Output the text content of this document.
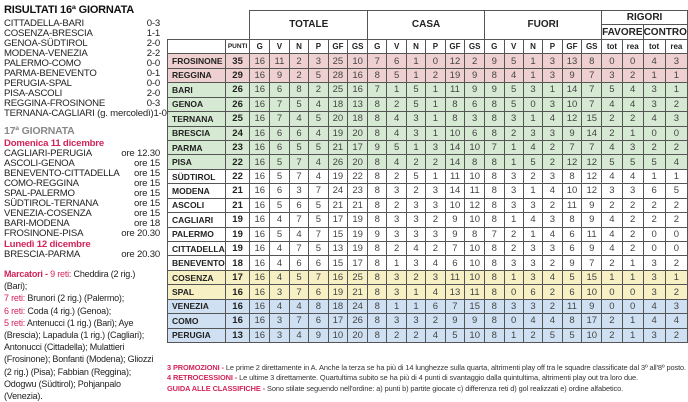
RISULTATI 16ª GIORNATA
CITTADELLA-BARI	0-3
COSENZA-BRESCIA	1-1
GENOA-SÜDTIROL	2-0
MODENA-VENEZIA	2-2
PALERMO-COMO	0-0
PARMA-BENEVENTO	0-1
PERUGIA-SPAL	0-0
PISA-ASCOLI	2-0
REGGINA-FROSINONE	0-3
TERNANA-CAGLIARI (g. mercoledì) 1-0
17ª GIORNATA
Domenica 11 dicembre
CAGLIARI-PERUGIA	ore 12.30
ASCOLI-GENOA	ore 15
BENEVENTO-CITTADELLA ore 15
COMO-REGGINA	ore 15
SPAL-PALERMO	ore 15
SÜDTIROL-TERNANA	ore 15
VENEZIA-COSENZA	ore 15
BARI-MODENA	ore 18
FROSINONE-PISA	ore 20.30
Lunedì 12 dicembre
BRESCIA-PARMA	ore 20.30
Marcatori - 9 reti: Cheddira (2 rig.) (Bari);
7 reti: Brunori (2 rig.) (Palermo);
6 reti: Coda (4 rig.) (Genoa);
5 reti: Antenucci (1 rig.) (Bari); Aye (Brescia); Lapadula (1 rig.) (Cagliari); Antonucci (Cittadella); Mulattieri (Frosinone); Bonfanti (Modena); Gliozzi (2 rig.) (Pisa); Fabbian (Reggina); Odogwu (Südtirol); Pohjanpalo (Venezia).
		TOTALE						CASA						FUORI						RIGORI			
																				FAVORE		CONTRO	
	PUNTI	G	V	N	P	GF	GS	G	V	N	P	GF	GS	G	V	N	P	GF	GS	tot	rea	tot	rea
FROSINONE	35	16	11	2	3	25	10	7	6	1	0	12	2	9	5	1	3	13	8	0	0	4	3
REGGINA	29	16	9	2	5	28	16	8	5	1	2	19	9	8	4	1	3	9	7	3	2	1	1
BARI	26	16	6	8	2	25	16	7	1	5	1	11	9	9	5	3	1	14	7	5	4	3	1
GENOA	26	16	7	5	4	18	13	8	2	5	1	8	6	8	5	0	3	10	7	4	4	3	2
TERNANA	25	16	7	4	5	20	18	8	4	3	1	8	3	8	3	1	4	12	15	2	2	4	3
BRESCIA	24	16	6	6	4	19	20	8	4	3	1	10	6	8	2	3	3	9	14	2	1	0	0
PARMA	23	16	6	5	5	21	17	9	5	1	3	14	10	7	1	4	2	7	7	4	3	2	2
PISA	22	16	5	7	4	26	20	8	4	2	2	14	8	8	1	5	2	12	12	5	5	5	4
SÜDTIROL	22	16	5	7	4	19	22	8	2	5	1	11	10	8	3	2	3	8	12	4	4	1	1
MODENA	21	16	6	3	7	24	23	8	3	2	3	14	11	8	3	1	4	10	12	3	3	6	5
ASCOLI	21	16	5	6	5	21	21	8	2	3	3	10	12	8	3	3	2	11	9	2	2	2	2
CAGLIARI	19	16	4	7	5	17	19	8	3	3	2	9	10	8	1	4	3	8	9	4	2	2	2
PALERMO	19	16	5	4	7	15	19	9	3	3	3	9	8	7	2	1	4	6	11	4	2	0	0
CITTADELLA	19	16	4	7	5	13	19	8	2	4	2	7	10	8	2	3	3	6	9	4	2	0	0
BENEVENTO	18	16	4	6	6	15	17	8	1	3	4	6	10	8	3	3	2	9	7	2	1	3	2
COSENZA	17	16	4	5	7	16	25	8	3	2	3	11	10	8	1	3	4	5	15	1	1	3	1
SPAL	16	16	3	7	6	19	21	8	3	1	4	13	11	8	0	6	2	6	10	0	0	3	2
VENEZIA	16	16	4	4	8	18	24	8	1	1	6	7	15	8	3	3	2	11	9	0	0	4	3
COMO	16	16	3	7	6	17	26	8	3	3	2	9	9	8	0	4	4	8	17	2	1	4	4
PERUGIA	13	16	3	4	9	10	20	8	2	2	4	5	10	8	1	2	5	5	10	2	1	3	2
3 PROMOZIONI - Le prime 2 direttamente in A. Anche la terza se ha più di 14 lunghezze sulla quarta, altrimenti play off tra le squadre classificate dal 3º all'8º posto.
4 RETROCESSIONI - Le ultime 3 direttamente. Quartultima subito se ha più di 4 punti di svantaggio dalla quintultima, altrimenti play out tra loro due.
GUIDA ALLE CLASSIFICHE - Sono stilate seguendo nell'ordine: a) punti b) partite giocate c) differenza reti d) gol realizzati e) ordine alfabetico.
